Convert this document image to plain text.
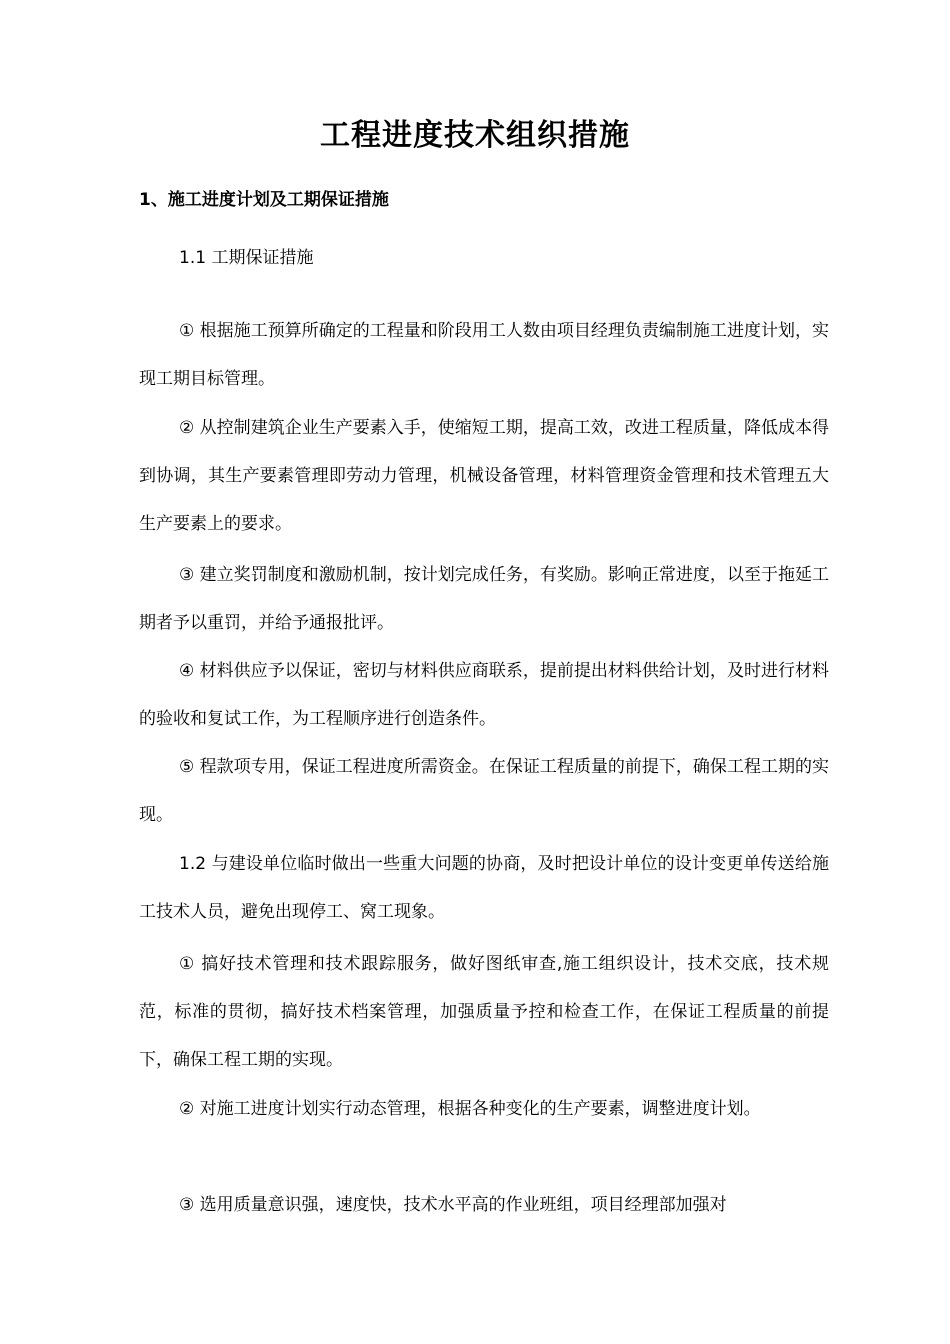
工程进度技术组织措施
1、施工进度计划及工期保证措施
1.1 工期保证措施

① 根据施工预算所确定的工程量和阶段用工人数由项目经理负责编制施工进度计划，实现工期目标管理。

② 从控制建筑企业生产要素入手，使缩短工期，提高工效，改进工程质量，降低成本得到协调，其生产要素管理即劳动力管理，机械设备管理，材料管理资金管理和技术管理五大生产要素上的要求。

③ 建立奖罚制度和激励机制，按计划完成任务，有奖励。影响正常进度，以至于拖延工期者予以重罚，并给予通报批评。

④ 材料供应予以保证，密切与材料供应商联系，提前提出材料供给计划，及时进行材料的验收和复试工作，为工程顺序进行创造条件。

⑤ 程款项专用，保证工程进度所需资金。在保证工程质量的前提下，确保工程工期的实现。

1.2 与建设单位临时做出一些重大问题的协商，及时把设计单位的设计变更单传送给施工技术人员，避免出现停工、窝工现象。

① 搞好技术管理和技术跟踪服务，做好图纸审查,施工组织设计，技术交底，技术规范，标准的贯彻，搞好技术档案管理，加强质量予控和检查工作，在保证工程质量的前提下，确保工程工期的实现。

② 对施工进度计划实行动态管理，根据各种变化的生产要素，调整进度计划。

③ 选用质量意识强，速度快，技术水平高的作业班组，项目经理部加强对
